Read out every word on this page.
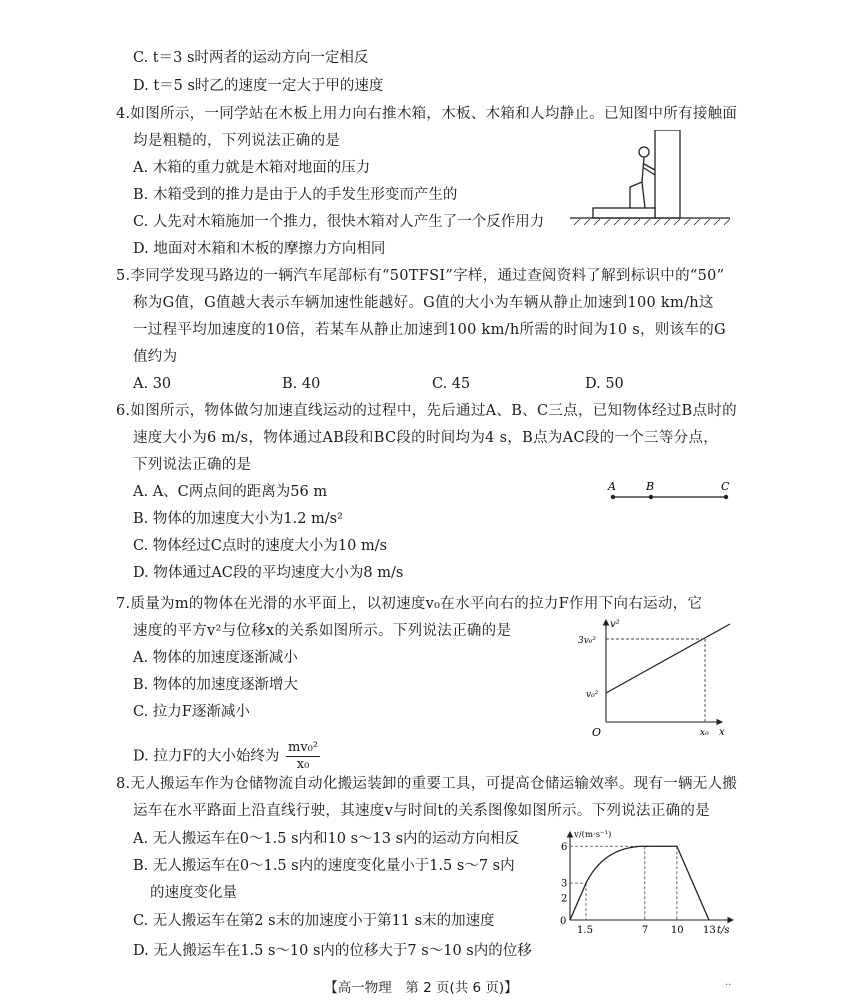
C. t＝3 s时两者的运动方向一定相反
D. t＝5 s时乙的速度一定大于甲的速度
4.如图所示，一同学站在木板上用力向右推木箱，木板、木箱和人均静止。已知图中所有接触面
均是粗糙的，下列说法正确的是
A. 木箱的重力就是木箱对地面的压力
B. 木箱受到的推力是由于人的手发生形变而产生的
C. 人先对木箱施加一个推力，很快木箱对人产生了一个反作用力
D. 地面对木箱和木板的摩擦力方向相同
5.李同学发现马路边的一辆汽车尾部标有“50TFSI”字样，通过查阅资料了解到标识中的“50”
称为G值，G值越大表示车辆加速性能越好。G值的大小为车辆从静止加速到100 km/h这
一过程平均加速度的10倍，若某车从静止加速到100 km/h所需的时间为10 s，则该车的G
值约为
A. 30	B. 40	C. 45	D. 50
6.如图所示，物体做匀加速直线运动的过程中，先后通过A、B、C三点，已知物体经过B点时的
速度大小为6 m/s，物体通过AB段和BC段的时间均为4 s，B点为AC段的一个三等分点，
下列说法正确的是
A. A、C两点间的距离为56 m
B. 物体的加速度大小为1.2 m/s²
C. 物体经过C点时的速度大小为10 m/s
D. 物体通过AC段的平均速度大小为8 m/s
A	B	C
7.质量为m的物体在光滑的水平面上，以初速度v₀在水平向右的拉力F作用下向右运动，它
速度的平方v²与位移x的关系如图所示。下列说法正确的是
A. 物体的加速度逐渐减小
B. 物体的加速度逐渐增大
C. 拉力F逐渐减小
D. 拉力F的大小始终为 $\frac{\text{mv₀²}}{\text{x₀}}$
v²
x
O
3v₀²
v₀²
x₀
8.无人搬运车作为仓储物流自动化搬运装卸的重要工具，可提高仓储运输效率。现有一辆无人搬
运车在水平路面上沿直线行驶，其速度v与时间t的关系图像如图所示。下列说法正确的是
A. 无人搬运车在0～1.5 s内和10 s～13 s内的运动方向相反
B. 无人搬运车在0～1.5 s内的速度变化量小于1.5 s～7 s内
的速度变化量
C. 无人搬运车在第2 s末的加速度小于第11 s末的加速度
D. 无人搬运车在1.5 s～10 s内的位移大于7 s～10 s内的位移
v/(m·s⁻¹)
t/s
0
2
3
6
1.5	7 10 13
【高一物理　第 2 页(共 6 页)】	··
